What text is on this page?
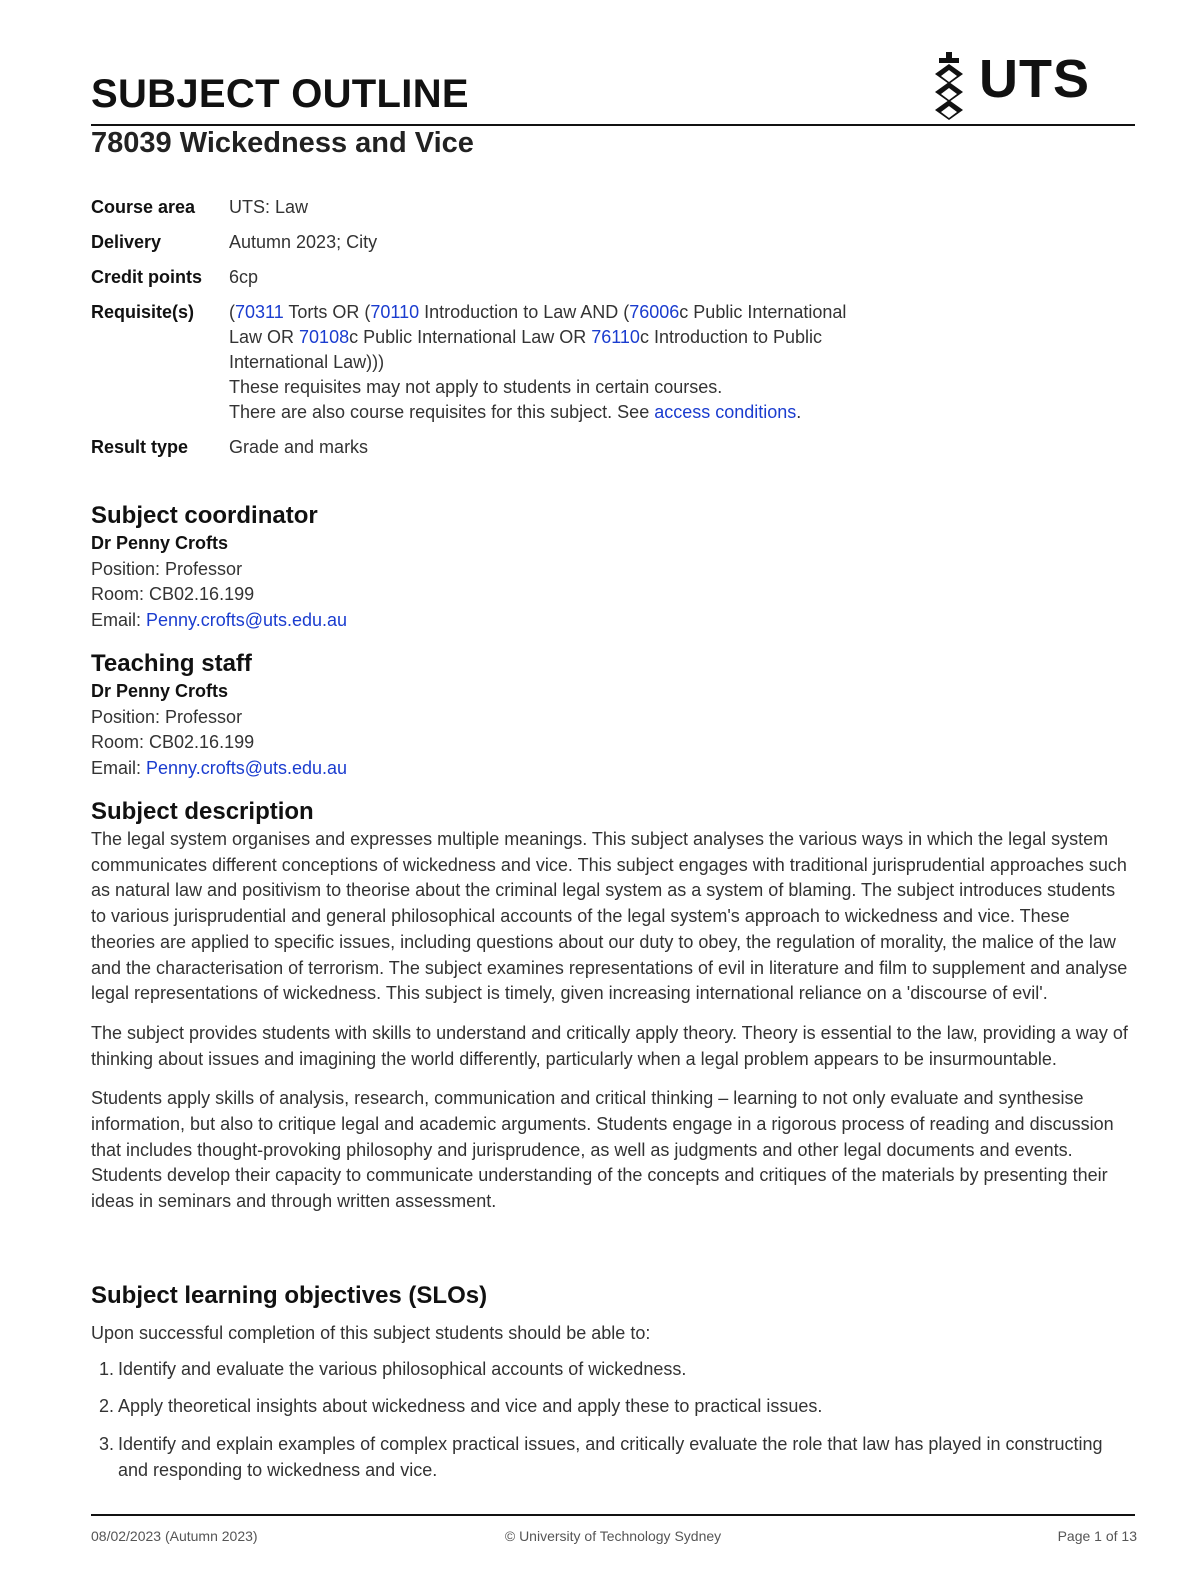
SUBJECT OUTLINE	UTS
78039 Wickedness and Vice
Course area	UTS: Law
Delivery	Autumn 2023; City
Credit points	6cp
Requisite(s)	(70311 Torts OR (70110 Introduction to Law AND (76006c Public International
Law OR 70108c Public International Law OR 76110c Introduction to Public
International Law)))
These requisites may not apply to students in certain courses.
There are also course requisites for this subject. See access conditions.
Result type	Grade and marks
Subject coordinator

Dr Penny Crofts

Position: Professor

Room: CB02.16.199

Email: Penny.crofts@uts.edu.au

Teaching staff

Dr Penny Crofts

Position: Professor

Room: CB02.16.199

Email: Penny.crofts@uts.edu.au

Subject description

The legal system organises and expresses multiple meanings. This subject analyses the various ways in which the legal system communicates different conceptions of wickedness and vice. This subject engages with traditional jurisprudential approaches such as natural law and positivism to theorise about the criminal legal system as a system of blaming. The subject introduces students to various jurisprudential and general philosophical accounts of the legal system's approach to wickedness and vice. These theories are applied to specific issues, including questions about our duty to obey, the regulation of morality, the malice of the law and the characterisation of terrorism. The subject examines representations of evil in literature and film to supplement and analyse legal representations of wickedness. This subject is timely, given increasing international reliance on a 'discourse of evil'.

The subject provides students with skills to understand and critically apply theory. Theory is essential to the law, providing a way of thinking about issues and imagining the world differently, particularly when a legal problem appears to be insurmountable.

Students apply skills of analysis, research, communication and critical thinking – learning to not only evaluate and synthesise information, but also to critique legal and academic arguments. Students engage in a rigorous process of reading and discussion that includes thought-provoking philosophy and jurisprudence, as well as judgments and other legal documents and events. Students develop their capacity to communicate understanding of the concepts and critiques of the materials by presenting their ideas in seminars and through written assessment.

Subject learning objectives (SLOs)

Upon successful completion of this subject students should be able to:

1. Identify and evaluate the various philosophical accounts of wickedness.
2. Apply theoretical insights about wickedness and vice and apply these to practical issues.
3. Identify and explain examples of complex practical issues, and critically evaluate the role that law has played in constructing and responding to wickedness and vice.
08/02/2023 (Autumn 2023)	© University of Technology Sydney	Page 1 of 13
